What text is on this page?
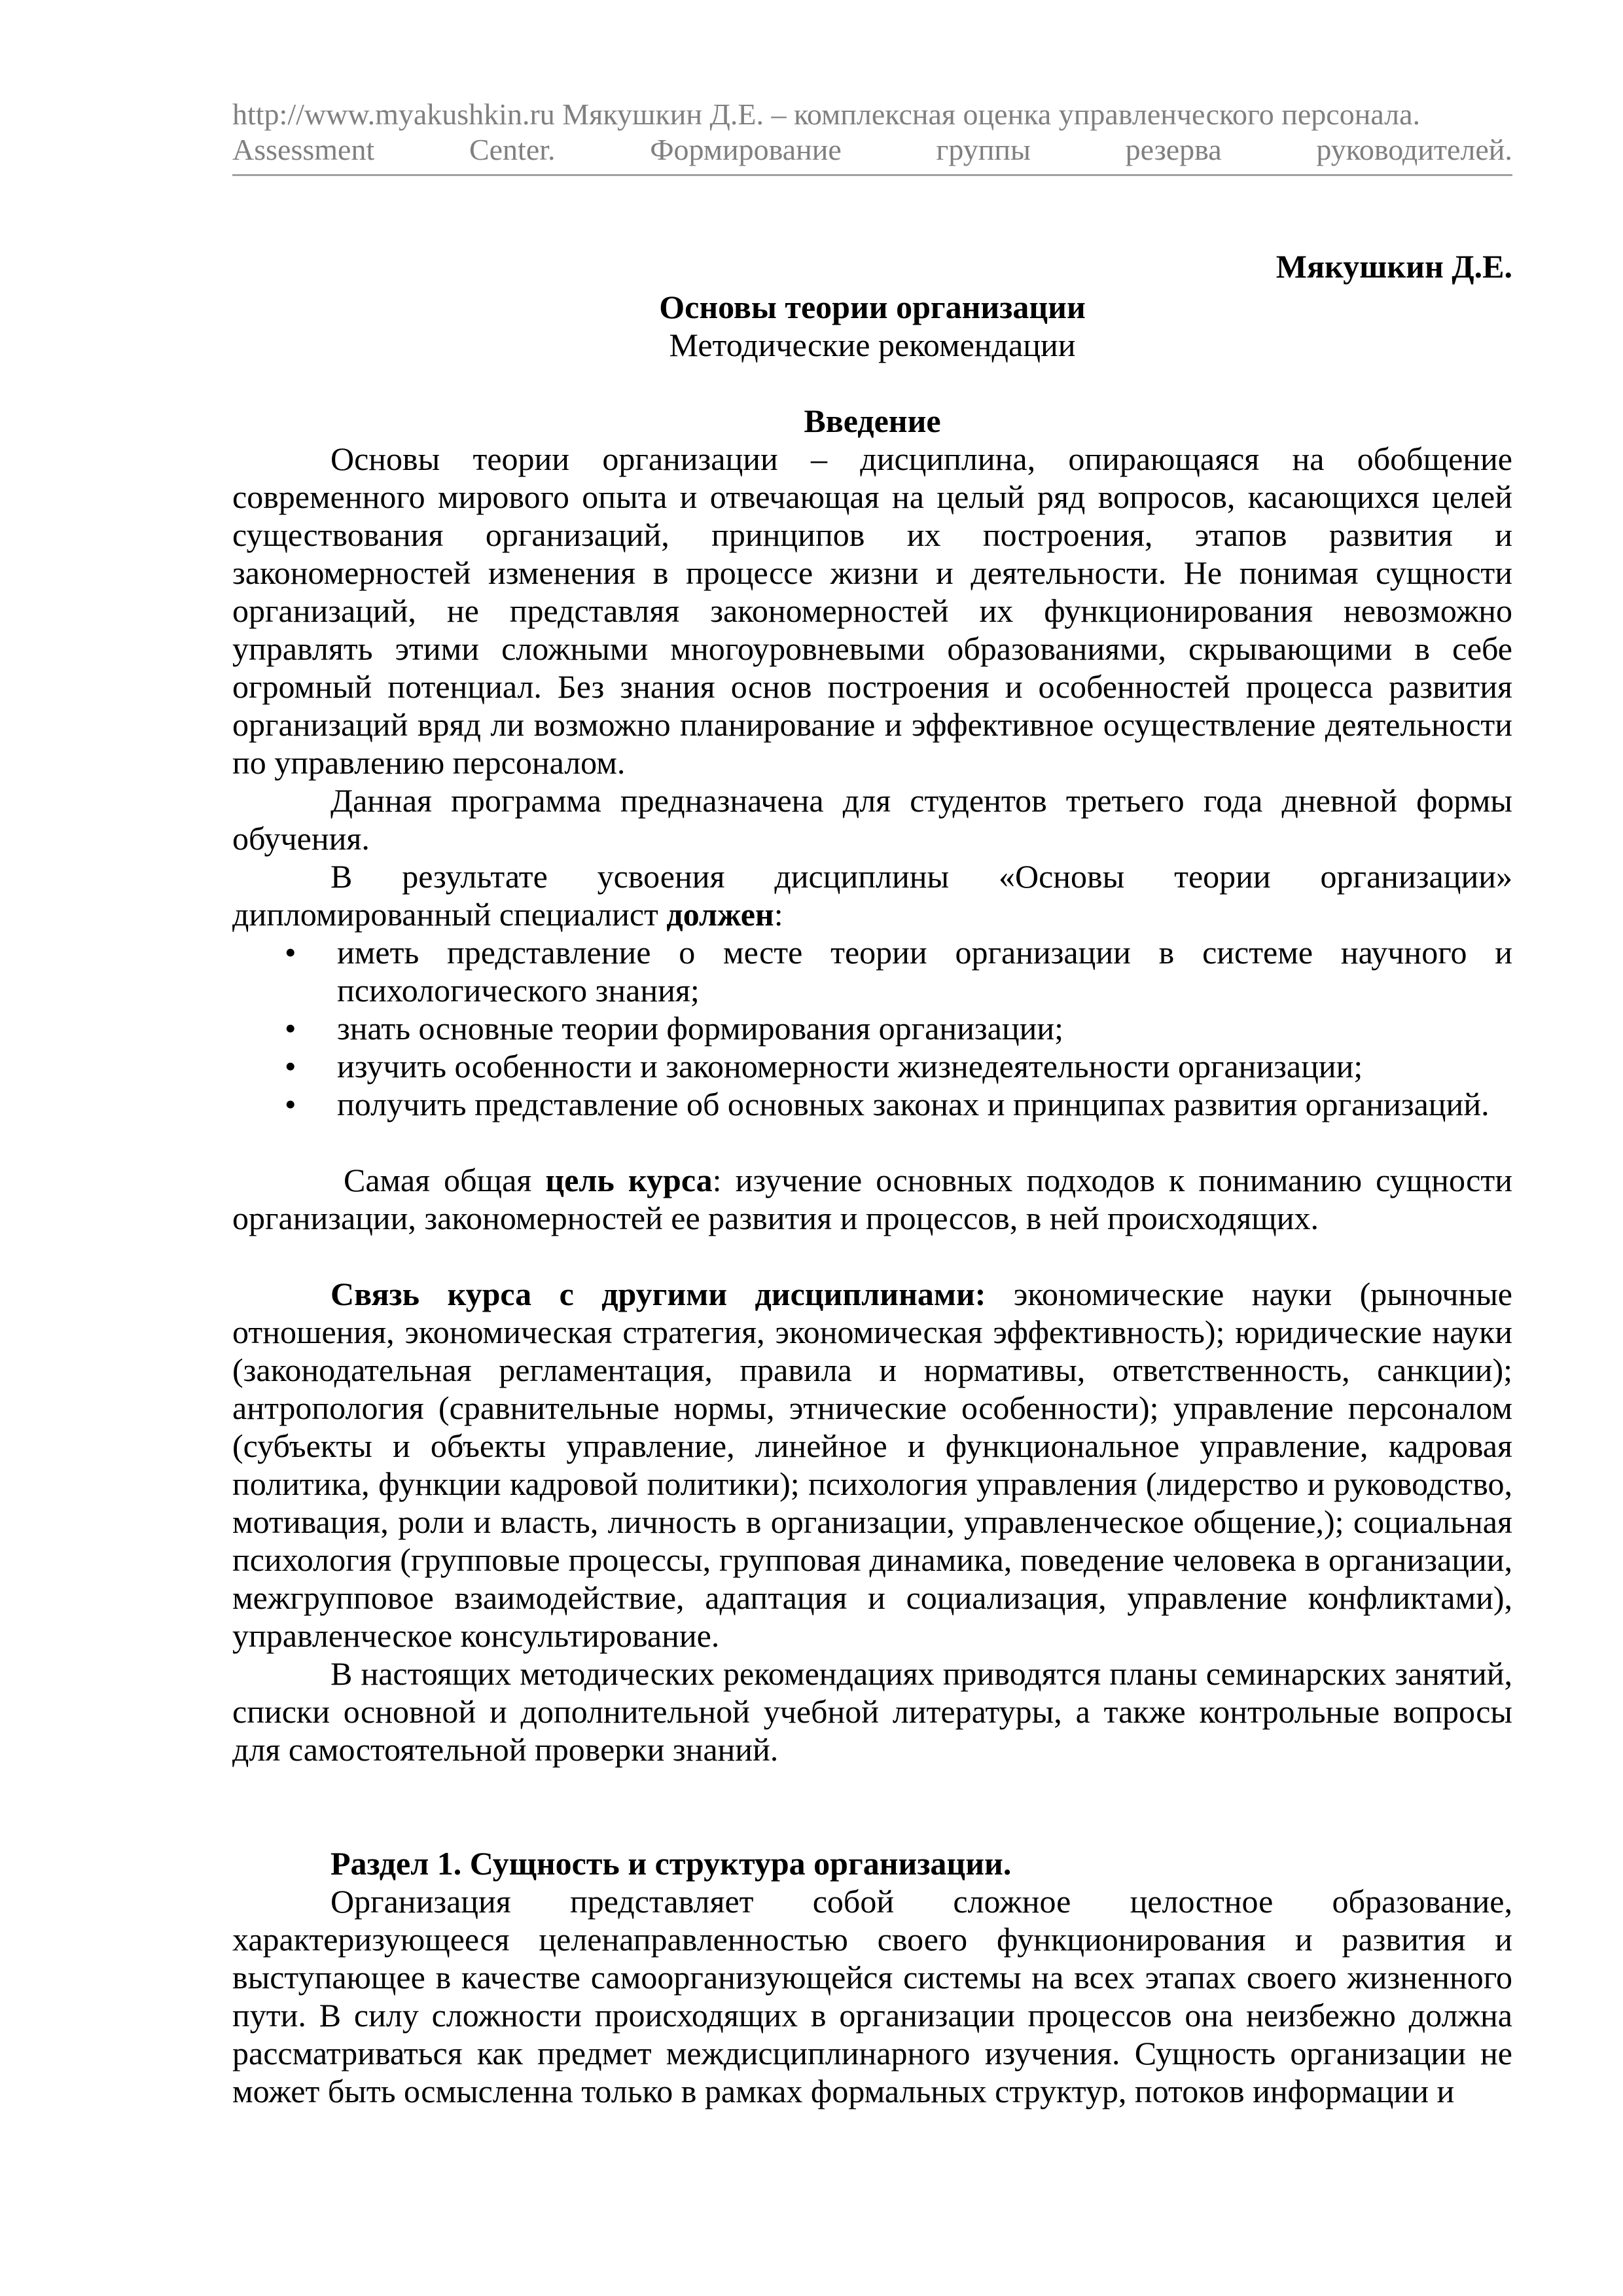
http://www.myakushkin.ru Мякушкин Д.Е. – комплексная оценка управленческого персонала.
Assessment	Center.	Формирование	группы	резерва	руководителей.
Мякушкин Д.Е.
Основы теории организации
Методические рекомендации
Введение

Основы теории организации – дисциплина, опирающаяся на обобщение современного мирового опыта и отвечающая на целый ряд вопросов, касающихся целей существования организаций, принципов их построения, этапов развития и закономерностей изменения в процессе жизни и деятельности. Не понимая сущности организаций, не представляя закономерностей их функционирования невозможно управлять этими сложными многоуровневыми образованиями, скрывающими в себе огромный потенциал. Без знания основ построения и особенностей процесса развития организаций вряд ли возможно планирование и эффективное осуществление деятельности по управлению персоналом.

Данная программа предназначена для студентов третьего года дневной формы обучения.

В результате усвоения дисциплины «Основы теории организации» дипломированный специалист должен:

• иметь представление о месте теории организации в системе научного и психологического знания;
• знать основные теории формирования организации;
• изучить особенности и закономерности жизнедеятельности организации;
• получить представление об основных законах и принципах развития организаций.

Самая общая цель курса: изучение основных подходов к пониманию сущности организации, закономерностей ее развития и процессов, в ней происходящих.

Связь курса с другими дисциплинами: экономические науки (рыночные отношения, экономическая стратегия, экономическая эффективность); юридические науки (законодательная регламентация, правила и нормативы, ответственность, санкции); антропология (сравнительные нормы, этнические особенности); управление персоналом (субъекты и объекты управление, линейное и функциональное управление, кадровая политика, функции кадровой политики); психология управления (лидерство и руководство, мотивация, роли и власть, личность в организации, управленческое общение,); социальная психология (групповые процессы, групповая динамика, поведение человека в организации, межгрупповое взаимодействие, адаптация и социализация, управление конфликтами), управленческое консультирование.

В настоящих методических рекомендациях приводятся планы семинарских занятий, списки основной и дополнительной учебной литературы, а также контрольные вопросы для самостоятельной проверки знаний.

Раздел 1. Сущность и структура организации.

Организация представляет собой сложное целостное образование, характеризующееся целенаправленностью своего функционирования и развития и выступающее в качестве самоорганизующейся системы на всех этапах своего жизненного пути. В силу сложности происходящих в организации процессов она неизбежно должна рассматриваться как предмет междисциплинарного изучения. Сущность организации не может быть осмысленна только в рамках формальных структур, потоков информации и
